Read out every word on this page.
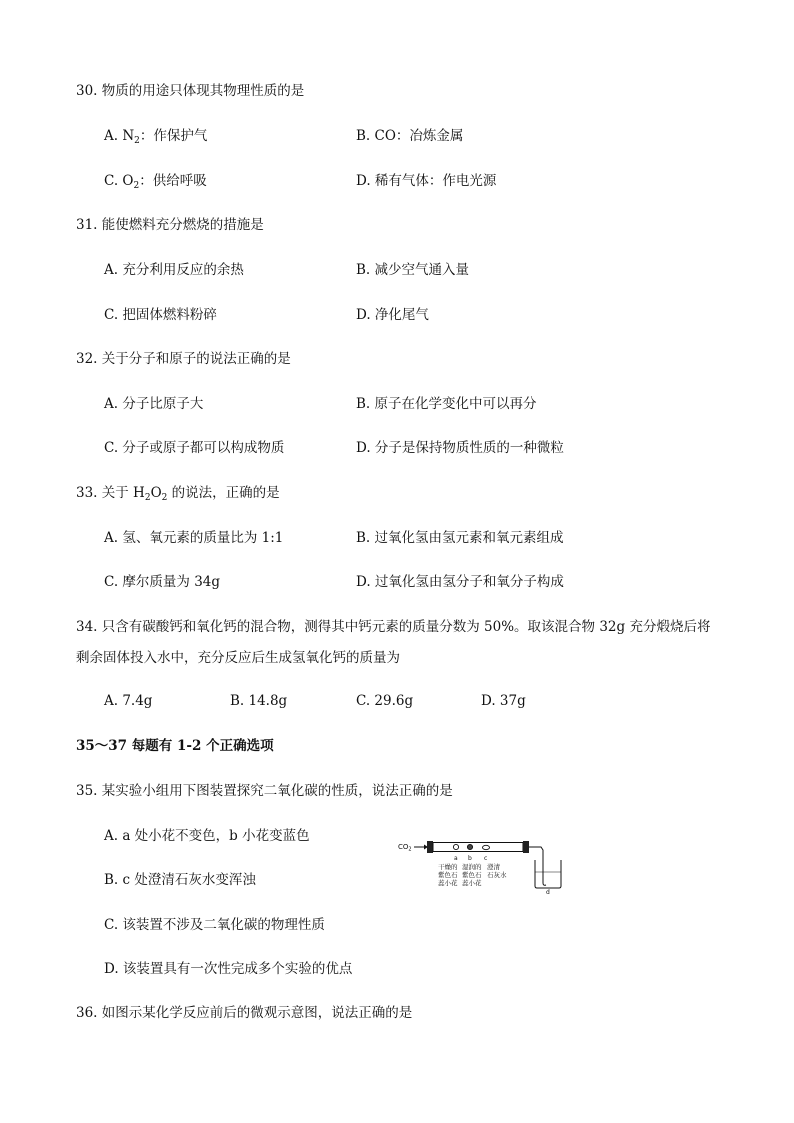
30. 物质的用途只体现其物理性质的是
A. $N_2$：作保护气	B. CO：冶炼金属
C. $O_2$：供给呼吸	D. 稀有气体：作电光源
31. 能使燃料充分燃烧的措施是
A. 充分利用反应的余热	B. 减少空气通入量
C. 把固体燃料粉碎	D. 净化尾气
32. 关于分子和原子的说法正确的是
A. 分子比原子大	B. 原子在化学变化中可以再分
C. 分子或原子都可以构成物质	D. 分子是保持物质性质的一种微粒
33. 关于 $H_2O_2$ 的说法，正确的是
A. 氢、氧元素的质量比为 1:1	B. 过氧化氢由氢元素和氧元素组成
C. 摩尔质量为 34g	D. 过氧化氢由氢分子和氧分子构成
34. 只含有碳酸钙和氧化钙的混合物，测得其中钙元素的质量分数为 50%。取该混合物 32g 充分煅烧后将
剩余固体投入水中，充分反应后生成氢氧化钙的质量为
A. 7.4g	B. 14.8g	C. 29.6g	D. 37g
35～37 每题有 1-2 个正确选项
35. 某实验小组用下图装置探究二氧化碳的性质，说法正确的是
A. a 处小花不变色，b 小花变蓝色
B. c 处澄清石灰水变浑浊
C. 该装置不涉及二氧化碳的物理性质
D. 该装置具有一次性完成多个实验的优点
$CO_2$
a b c
干燥的
紫色石
蕊小花
湿润的
紫色石
蕊小花
澄清
石灰水
d
36. 如图示某化学反应前后的微观示意图，说法正确的是
